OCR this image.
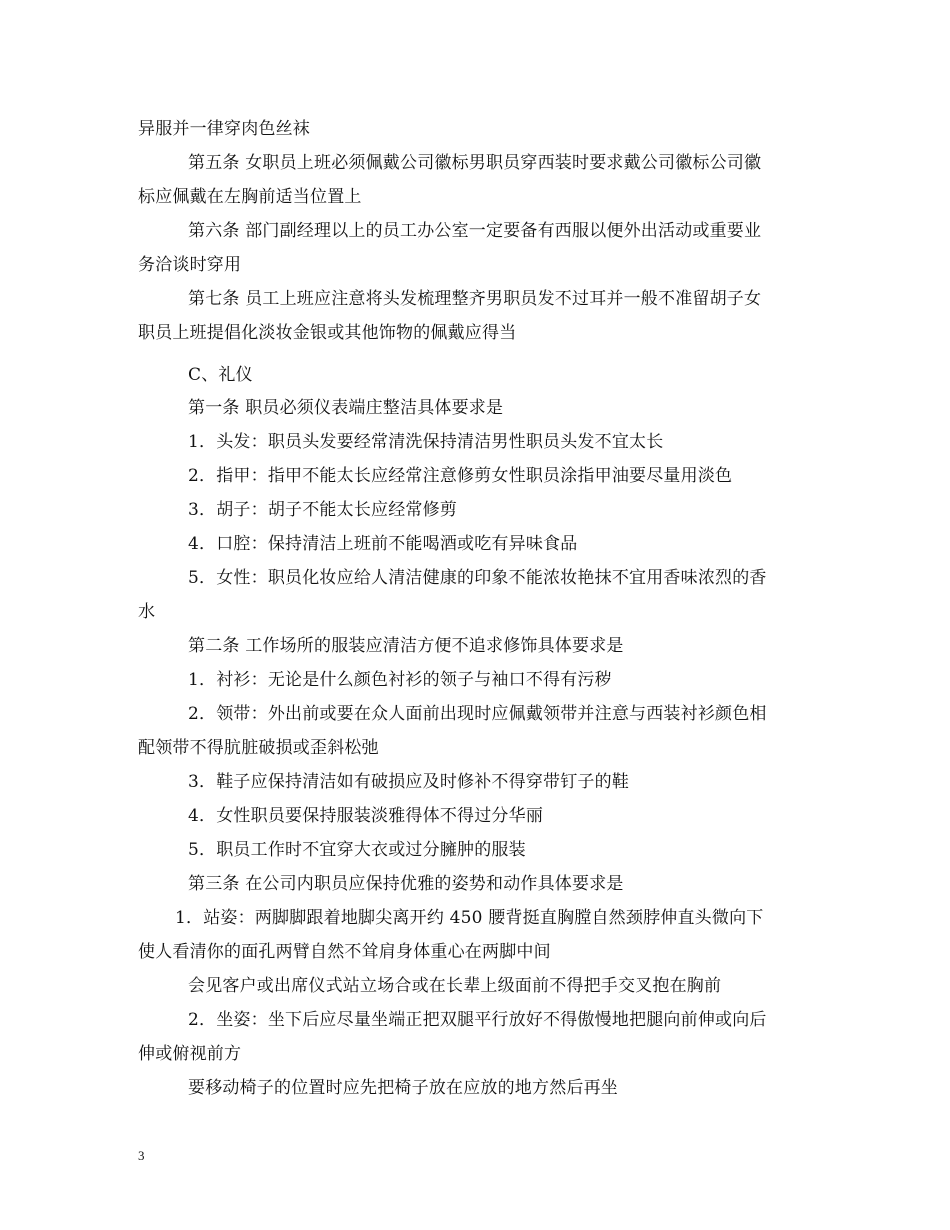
异服并一律穿肉色丝袜
第五条 女职员上班必须佩戴公司徽标男职员穿西装时要求戴公司徽标公司徽
标应佩戴在左胸前适当位置上
第六条 部门副经理以上的员工办公室一定要备有西服以便外出活动或重要业
务洽谈时穿用
第七条 员工上班应注意将头发梳理整齐男职员发不过耳并一般不准留胡子女
职员上班提倡化淡妆金银或其他饰物的佩戴应得当
C、礼仪
第一条 职员必须仪表端庄整洁具体要求是
1．头发：职员头发要经常清洗保持清洁男性职员头发不宜太长
2．指甲：指甲不能太长应经常注意修剪女性职员涂指甲油要尽量用淡色
3．胡子：胡子不能太长应经常修剪
4．口腔：保持清洁上班前不能喝酒或吃有异味食品
5．女性：职员化妆应给人清洁健康的印象不能浓妆艳抹不宜用香味浓烈的香
水
第二条 工作场所的服装应清洁方便不追求修饰具体要求是
1．衬衫：无论是什么颜色衬衫的领子与袖口不得有污秽
2．领带：外出前或要在众人面前出现时应佩戴领带并注意与西装衬衫颜色相
配领带不得肮脏破损或歪斜松弛
3．鞋子应保持清洁如有破损应及时修补不得穿带钉子的鞋
4．女性职员要保持服装淡雅得体不得过分华丽
5．职员工作时不宜穿大衣或过分臃肿的服装
第三条 在公司内职员应保持优雅的姿势和动作具体要求是
1．站姿：两脚脚跟着地脚尖离开约 450 腰背挺直胸膛自然颈脖伸直头微向下
使人看清你的面孔两臂自然不耸肩身体重心在两脚中间
会见客户或出席仪式站立场合或在长辈上级面前不得把手交叉抱在胸前
2．坐姿：坐下后应尽量坐端正把双腿平行放好不得傲慢地把腿向前伸或向后
伸或俯视前方
要移动椅子的位置时应先把椅子放在应放的地方然后再坐
3
